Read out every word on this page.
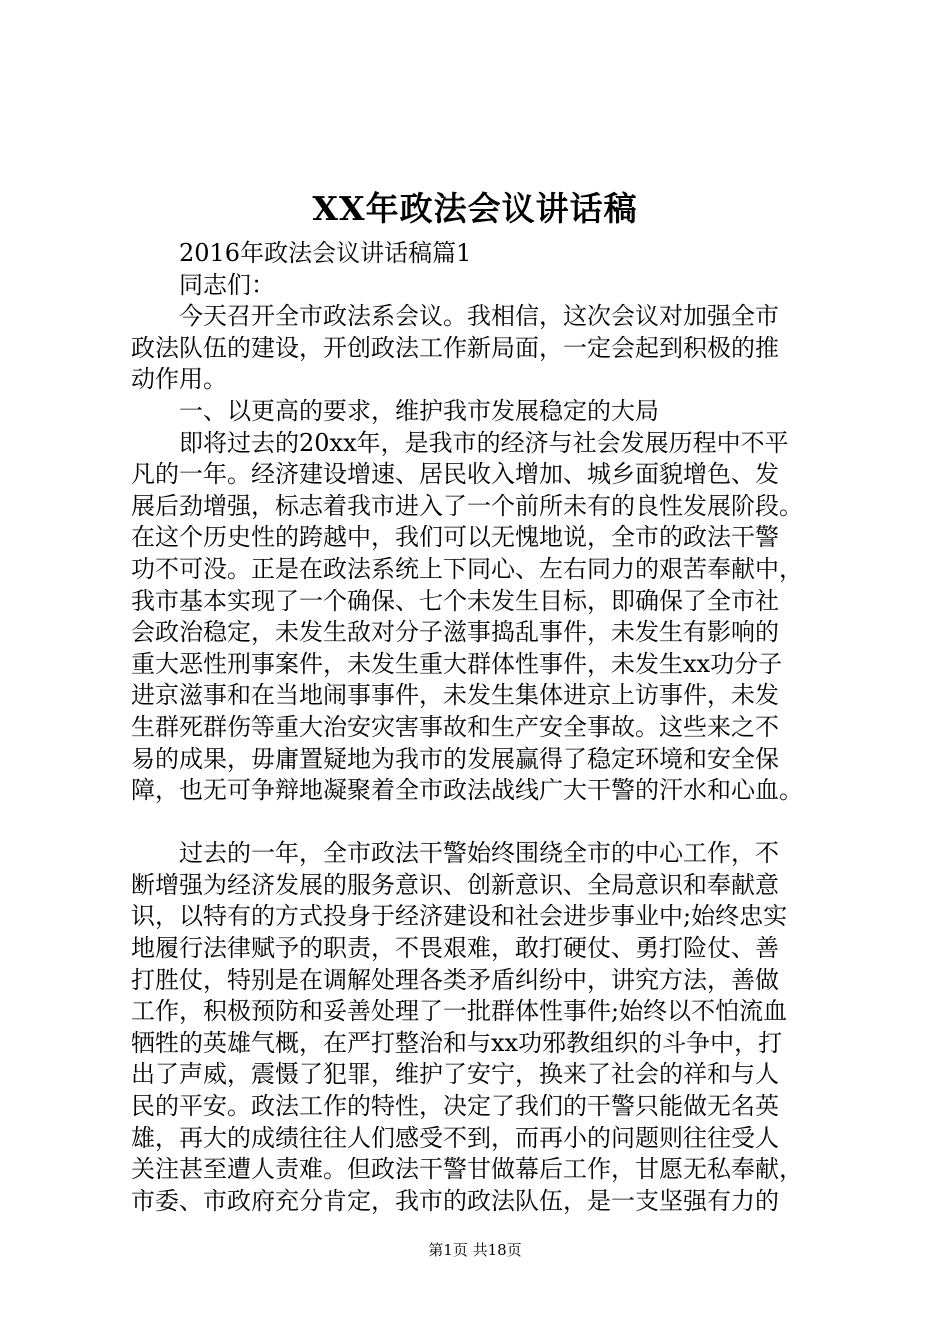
XX年政法会议讲话稿

2016年政法会议讲话稿篇1

同志们：

今天召开全市政法系会议。我相信，这次会议对加强全市

政法队伍的建设，开创政法工作新局面，一定会起到积极的推

动作用。

一、以更高的要求，维护我市发展稳定的大局

即将过去的20xx年，是我市的经济与社会发展历程中不平

凡的一年。经济建设增速、居民收入增加、城乡面貌增色、发

展后劲增强，标志着我市进入了一个前所未有的良性发展阶段。

在这个历史性的跨越中，我们可以无愧地说，全市的政法干警

功不可没。正是在政法系统上下同心、左右同力的艰苦奉献中，

我市基本实现了一个确保、七个未发生目标，即确保了全市社

会政治稳定，未发生敌对分子滋事捣乱事件，未发生有影响的

重大恶性刑事案件，未发生重大群体性事件，未发生xx功分子

进京滋事和在当地闹事事件，未发生集体进京上访事件，未发

生群死群伤等重大治安灾害事故和生产安全事故。这些来之不

易的成果，毋庸置疑地为我市的发展赢得了稳定环境和安全保

障，也无可争辩地凝聚着全市政法战线广大干警的汗水和心血。

过去的一年，全市政法干警始终围绕全市的中心工作，不

断增强为经济发展的服务意识、创新意识、全局意识和奉献意

识，以特有的方式投身于经济建设和社会进步事业中;始终忠实

地履行法律赋予的职责，不畏艰难，敢打硬仗、勇打险仗、善

打胜仗，特别是在调解处理各类矛盾纠纷中，讲究方法，善做

工作，积极预防和妥善处理了一批群体性事件;始终以不怕流血

牺牲的英雄气概，在严打整治和与xx功邪教组织的斗争中，打

出了声威，震慑了犯罪，维护了安宁，换来了社会的祥和与人

民的平安。政法工作的特性，决定了我们的干警只能做无名英

雄，再大的成绩往往人们感受不到，而再小的问题则往往受人

关注甚至遭人责难。但政法干警甘做幕后工作，甘愿无私奉献，

市委、市政府充分肯定，我市的政法队伍，是一支坚强有力的

第1页 共18页
